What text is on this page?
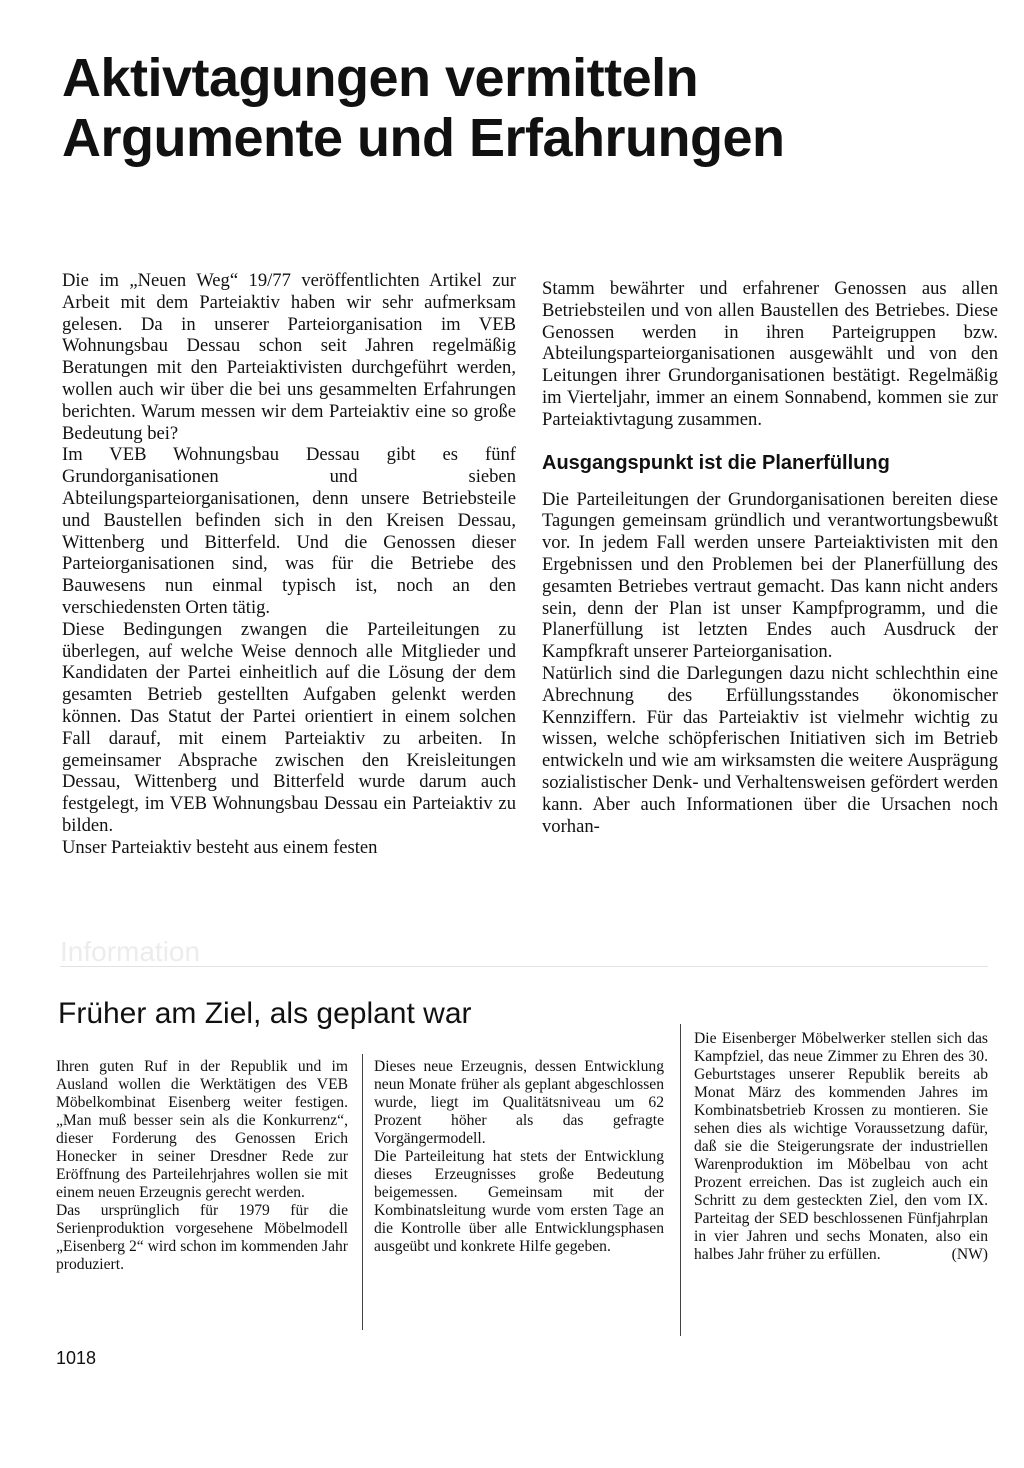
Aktivtagungen vermitteln
Argumente und Erfahrungen

Die im „Neuen Weg“ 19/77 veröffentlichten Artikel zur Arbeit mit dem Parteiaktiv haben wir sehr aufmerksam gelesen. Da in unserer Parteiorganisation im VEB Wohnungsbau Dessau schon seit Jahren regelmäßig Beratungen mit den Parteiaktivisten durchgeführt werden, wollen auch wir über die bei uns gesammelten Erfahrungen berichten. Warum messen wir dem Parteiaktiv eine so große Bedeutung bei?

Im VEB Wohnungsbau Dessau gibt es fünf Grundorganisationen und sieben Abteilungsparteiorganisationen, denn unsere Betriebsteile und Baustellen befinden sich in den Kreisen Dessau, Wittenberg und Bitterfeld. Und die Genossen dieser Parteiorganisationen sind, was für die Betriebe des Bauwesens nun einmal typisch ist, noch an den verschiedensten Orten tätig.

Diese Bedingungen zwangen die Parteileitungen zu überlegen, auf welche Weise dennoch alle Mitglieder und Kandidaten der Partei einheitlich auf die Lösung der dem gesamten Betrieb gestellten Aufgaben gelenkt werden können. Das Statut der Partei orientiert in einem solchen Fall darauf, mit einem Parteiaktiv zu arbeiten. In gemeinsamer Absprache zwischen den Kreisleitungen Dessau, Wittenberg und Bitterfeld wurde darum auch festgelegt, im VEB Wohnungsbau Dessau ein Parteiaktiv zu bilden.

Unser Parteiaktiv besteht aus einem festen

Stamm bewährter und erfahrener Genossen aus allen Betriebsteilen und von allen Baustellen des Betriebes. Diese Genossen werden in ihren Parteigruppen bzw. Abteilungsparteiorganisationen ausgewählt und von den Leitungen ihrer Grundorganisationen bestätigt. Regelmäßig im Vierteljahr, immer an einem Sonnabend, kommen sie zur Parteiaktivtagung zusammen.

Ausgangspunkt ist die Planerfüllung

Die Parteileitungen der Grundorganisationen bereiten diese Tagungen gemeinsam gründlich und verantwortungsbewußt vor. In jedem Fall werden unsere Parteiaktivisten mit den Ergebnissen und den Problemen bei der Planerfüllung des gesamten Betriebes vertraut gemacht. Das kann nicht anders sein, denn der Plan ist unser Kampfprogramm, und die Planerfüllung ist letzten Endes auch Ausdruck der Kampfkraft unserer Parteiorganisation.

Natürlich sind die Darlegungen dazu nicht schlechthin eine Abrechnung des Erfüllungsstandes ökonomischer Kennziffern. Für das Parteiaktiv ist vielmehr wichtig zu wissen, welche schöpferischen Initiativen sich im Betrieb entwickeln und wie am wirksamsten die weitere Ausprägung sozialistischer Denk- und Verhaltensweisen gefördert werden kann. Aber auch Informationen über die Ursachen noch vorhan-

Information
Früher am Ziel, als geplant war

Ihren guten Ruf in der Republik und im Ausland wollen die Werktätigen des VEB Möbelkombinat Eisenberg weiter festigen. „Man muß besser sein als die Konkurrenz“, dieser Forderung des Genossen Erich Honecker in seiner Dresdner Rede zur Eröffnung des Parteilehrjahres wollen sie mit einem neuen Erzeugnis gerecht werden.

Das ursprünglich für 1979 für die Serienproduktion vorgesehene Möbelmodell „Eisenberg 2“ wird schon im kommenden Jahr produziert.

Dieses neue Erzeugnis, dessen Entwicklung neun Monate früher als geplant abgeschlossen wurde, liegt im Qualitätsniveau um 62 Prozent höher als das gefragte Vorgängermodell.

Die Parteileitung hat stets der Entwicklung dieses Erzeugnisses große Bedeutung beigemessen. Gemeinsam mit der Kombinatsleitung wurde vom ersten Tage an die Kontrolle über alle Entwicklungsphasen ausgeübt und konkrete Hilfe gegeben.

Die Eisenberger Möbelwerker stellen sich das Kampfziel, das neue Zimmer zu Ehren des 30. Geburtstages unserer Republik bereits ab Monat März des kommenden Jahres im Kombinatsbetrieb Krossen zu montieren. Sie sehen dies als wichtige Voraussetzung dafür, daß sie die Steigerungsrate der industriellen Warenproduktion im Möbelbau von acht Prozent erreichen. Das ist zugleich auch ein Schritt zu dem gesteckten Ziel, den vom IX. Parteitag der SED beschlossenen Fünfjahrplan in vier Jahren und sechs Monaten, also ein halbes Jahr früher zu erfüllen.	(NW)

1018
